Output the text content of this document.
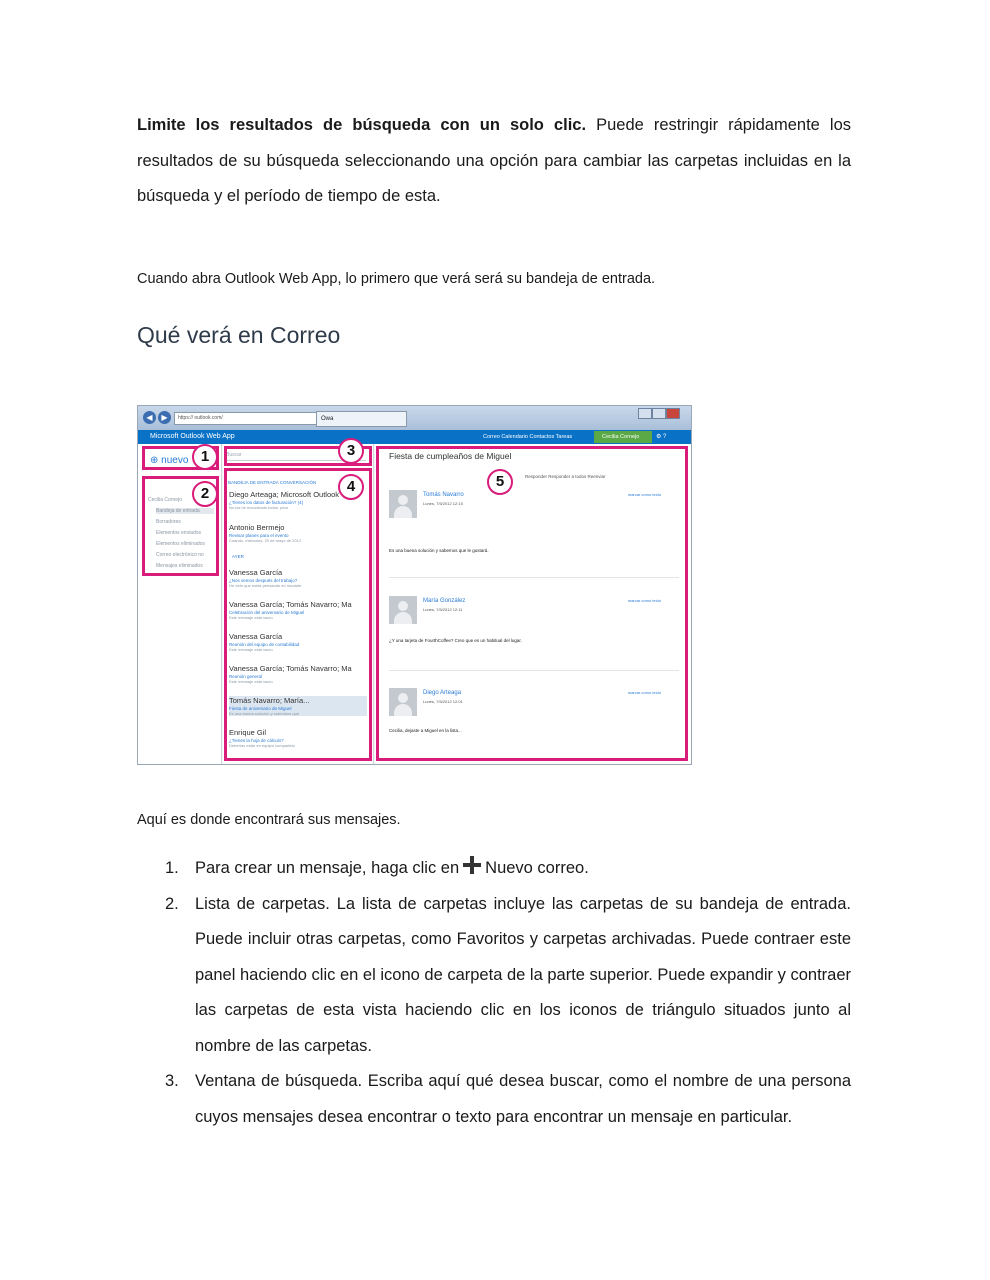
Limite los resultados de búsqueda con un solo clic. Puede restringir rápidamente los resultados de su búsqueda seleccionando una opción para cambiar las carpetas incluidas en la búsqueda y el período de tiempo de esta.

Cuando abra Outlook Web App, lo primero que verá será su bandeja de entrada.

Qué verá en Correo
◀	▶	https:// outlook.com/	Owa
Microsoft Outlook Web App	Correo Calendario Contactos Tareas	Cecilia Cornejo	⚙ ?
⊕ nuevo
Cecilia Cornejo
Bandeja de entrada
Borradores
Elementos enviados
Elementos eliminados
Correo electrónico no
Mensajes eliminados
Buscar
BANDEJA DE ENTRADA CONVERSACIÓN
Diego Arteaga; Microsoft Outlook
¿Tienes los datos de facturación? (4)
No los he encontrado todos, pero
Antonio Bermejo
Revisar planes para el evento
Cuando, miércoles, 20 de mayo de 2012
AYER
Vanessa García
¿Nos vemos después del trabajo?
He oído que estás pensando en mudarte
Vanessa García; Tomás Navarro; Ma
Celebración del aniversario de Miguel
Este mensaje está vacío.
Vanessa García
Reunión del equipo de contabilidad
Este mensaje está vacío.
Vanessa García; Tomás Navarro; Ma
Reunión general
Este mensaje está vacío.
Tomás Navarro; María...
Fiesta de aniversario de Miguel
Es una buena solución y sobremos que
Enrique Gil
¿Tienes la hoja de cálculo?
Deberías estar en equipo compartido
Fiesta de cumpleaños de Miguel
Responder Responder a todos Reenviar
Tomás Navarro
Lunes, 7/5/2012 12:15
marcar como leído
Es una buena solución y sabemos que le gustará.
María González
Lunes, 7/5/2012 12:11
marcar como leído
¿Y una tarjeta de FourthCoffee? Creo que es un habitual del lugar.
Diego Arteaga
Lunes, 7/5/2012 12:01
marcar como leído
Cecilia, dejaste a Miguel en la lista...
1
2
3
4	5

Aquí es donde encontrará sus mensajes.

1. Para crear un mensaje, haga clic en Nuevo correo.
2. Lista de carpetas. La lista de carpetas incluye las carpetas de su bandeja de entrada. Puede incluir otras carpetas, como Favoritos y carpetas archivadas. Puede contraer este panel haciendo clic en el icono de carpeta de la parte superior. Puede expandir y contraer las carpetas de esta vista haciendo clic en los iconos de triángulo situados junto al nombre de las carpetas.
3. Ventana de búsqueda. Escriba aquí qué desea buscar, como el nombre de una persona cuyos mensajes desea encontrar o texto para encontrar un mensaje en particular.
